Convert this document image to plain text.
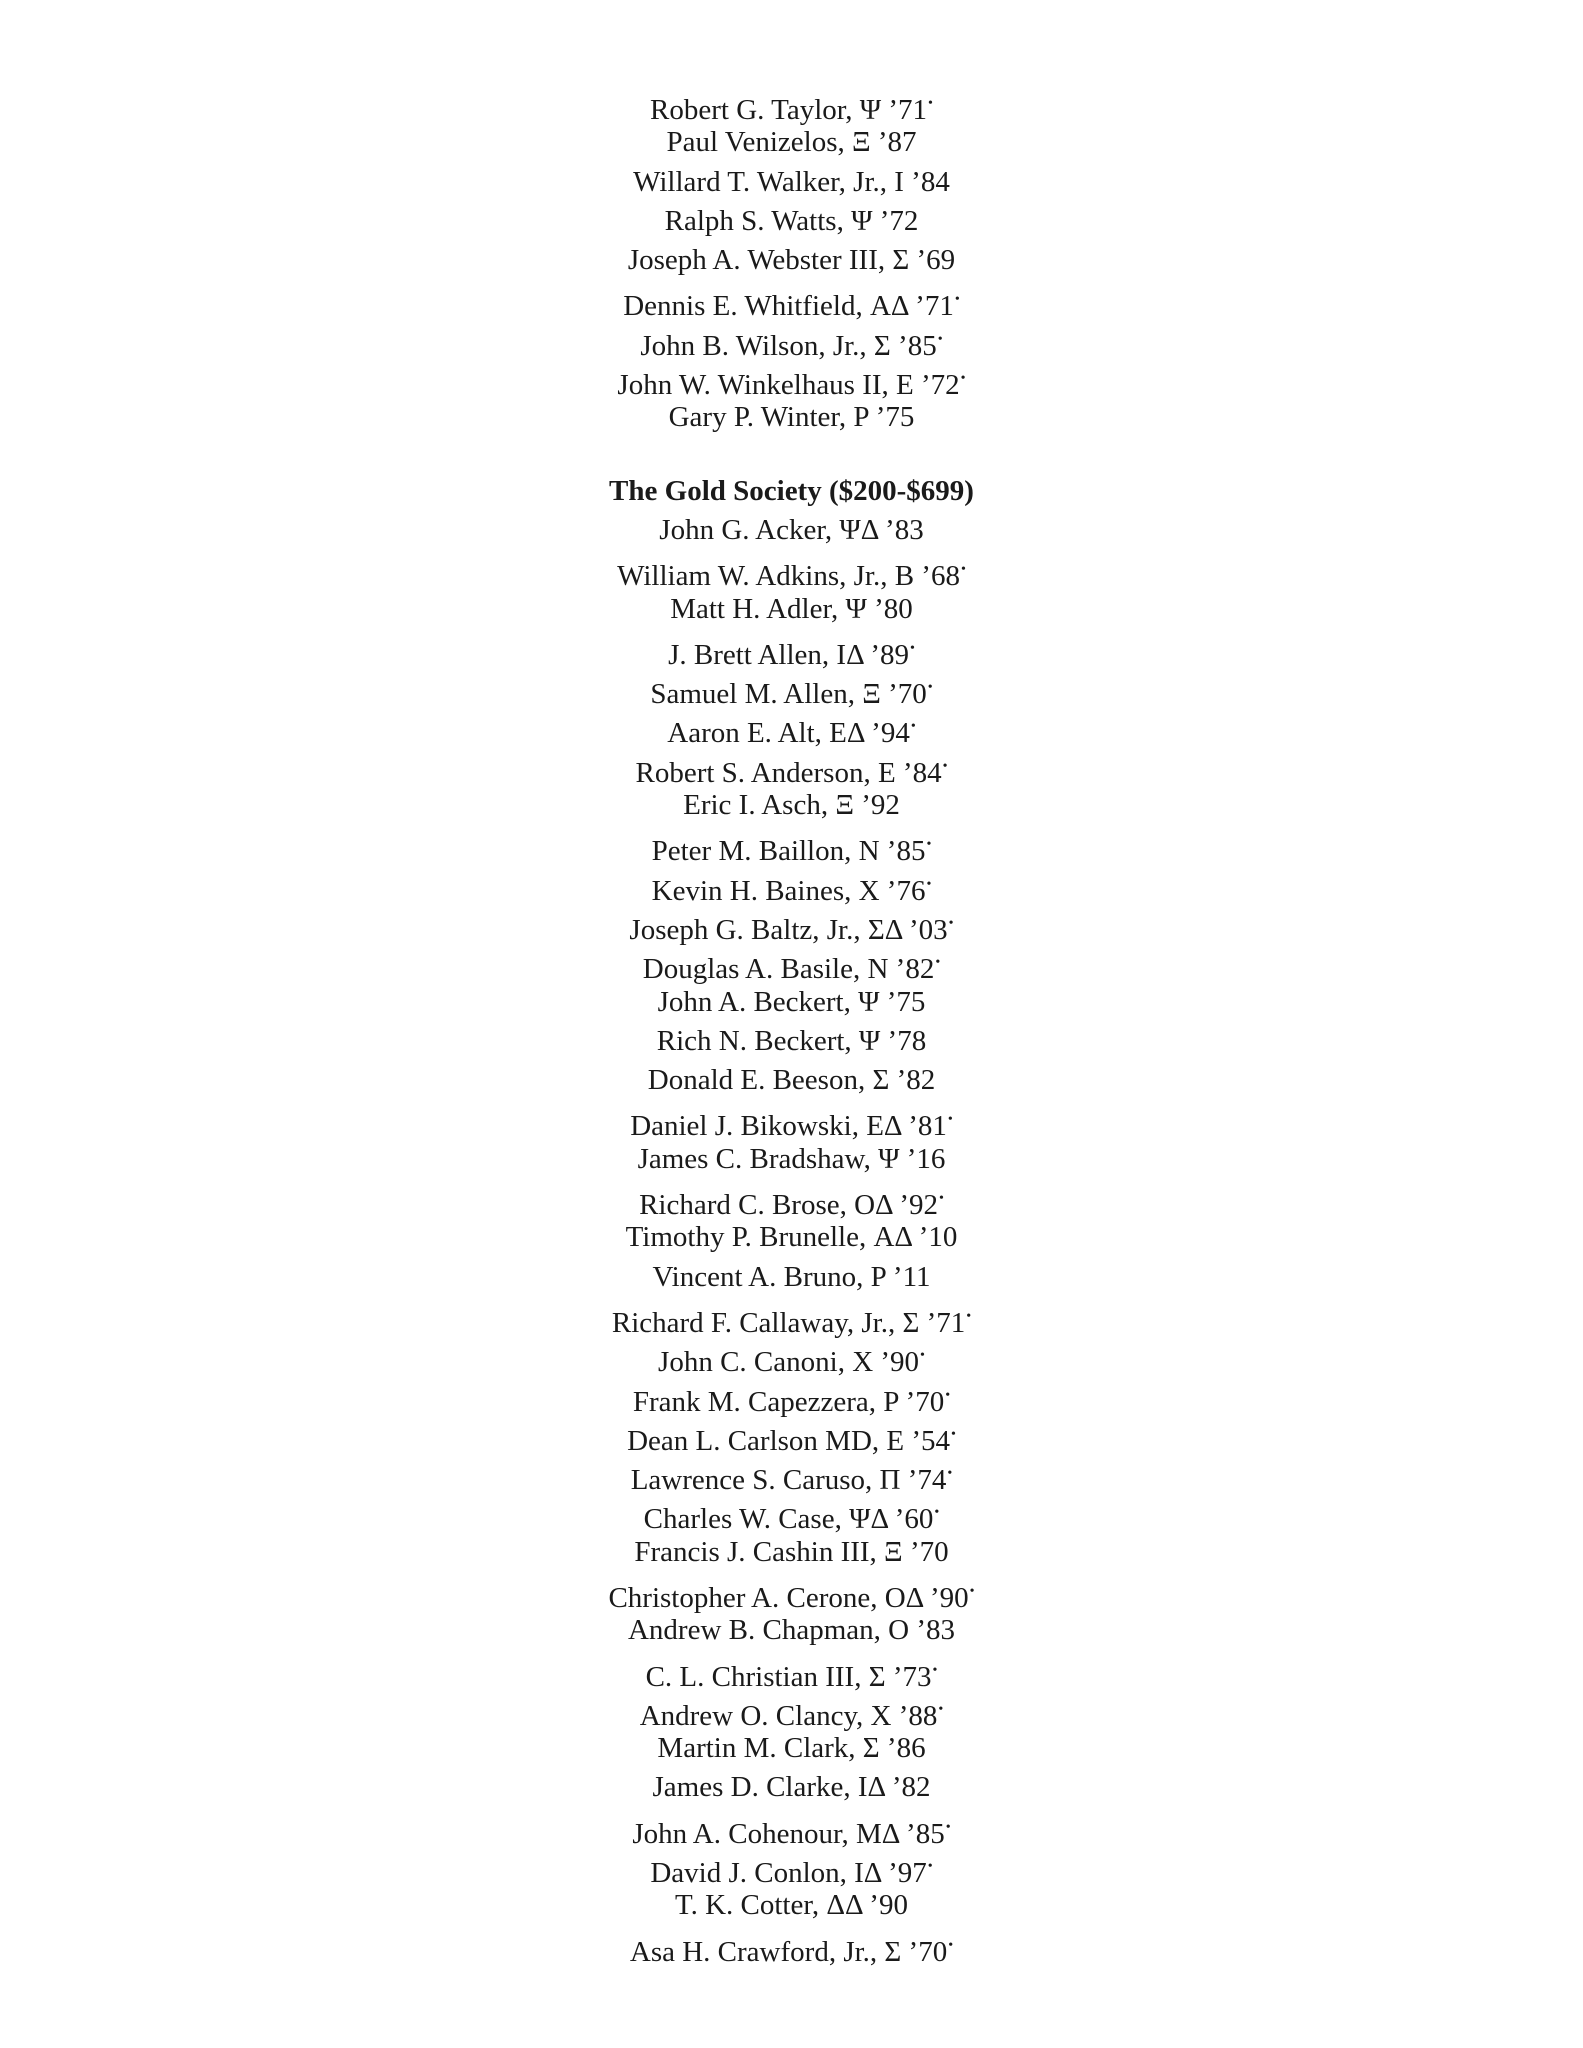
Robert G. Taylor, Ψ ’71•
Paul Venizelos, Ξ ’87
Willard T. Walker, Jr., I ’84
Ralph S. Watts, Ψ ’72
Joseph A. Webster III, Σ ’69
Dennis E. Whitfield, ΑΔ ’71•
John B. Wilson, Jr., Σ ’85•
John W. Winkelhaus II, E ’72•
Gary P. Winter, P ’75
The Gold Society ($200-$699)
John G. Acker, ΨΔ ’83
William W. Adkins, Jr., B ’68•
Matt H. Adler, Ψ ’80
J. Brett Allen, IΔ ’89•
Samuel M. Allen, Ξ ’70•
Aaron E. Alt, EΔ ’94•
Robert S. Anderson, E ’84•
Eric I. Asch, Ξ ’92
Peter M. Baillon, N ’85•
Kevin H. Baines, X ’76•
Joseph G. Baltz, Jr., ΣΔ ’03•
Douglas A. Basile, N ’82•
John A. Beckert, Ψ ’75
Rich N. Beckert, Ψ ’78
Donald E. Beeson, Σ ’82
Daniel J. Bikowski, EΔ ’81•
James C. Bradshaw, Ψ ’16
Richard C. Brose, OΔ ’92•
Timothy P. Brunelle, ΑΔ ’10
Vincent A. Bruno, P ’11
Richard F. Callaway, Jr., Σ ’71•
John C. Canoni, X ’90•
Frank M. Capezzera, P ’70•
Dean L. Carlson MD, E ’54•
Lawrence S. Caruso, Π ’74•
Charles W. Case, ΨΔ ’60•
Francis J. Cashin III, Ξ ’70
Christopher A. Cerone, OΔ ’90•
Andrew B. Chapman, O ’83
C. L. Christian III, Σ ’73•
Andrew O. Clancy, X ’88•
Martin M. Clark, Σ ’86
James D. Clarke, IΔ ’82
John A. Cohenour, MΔ ’85•
David J. Conlon, IΔ ’97•
T. K. Cotter, ΔΔ ’90
Asa H. Crawford, Jr., Σ ’70•
